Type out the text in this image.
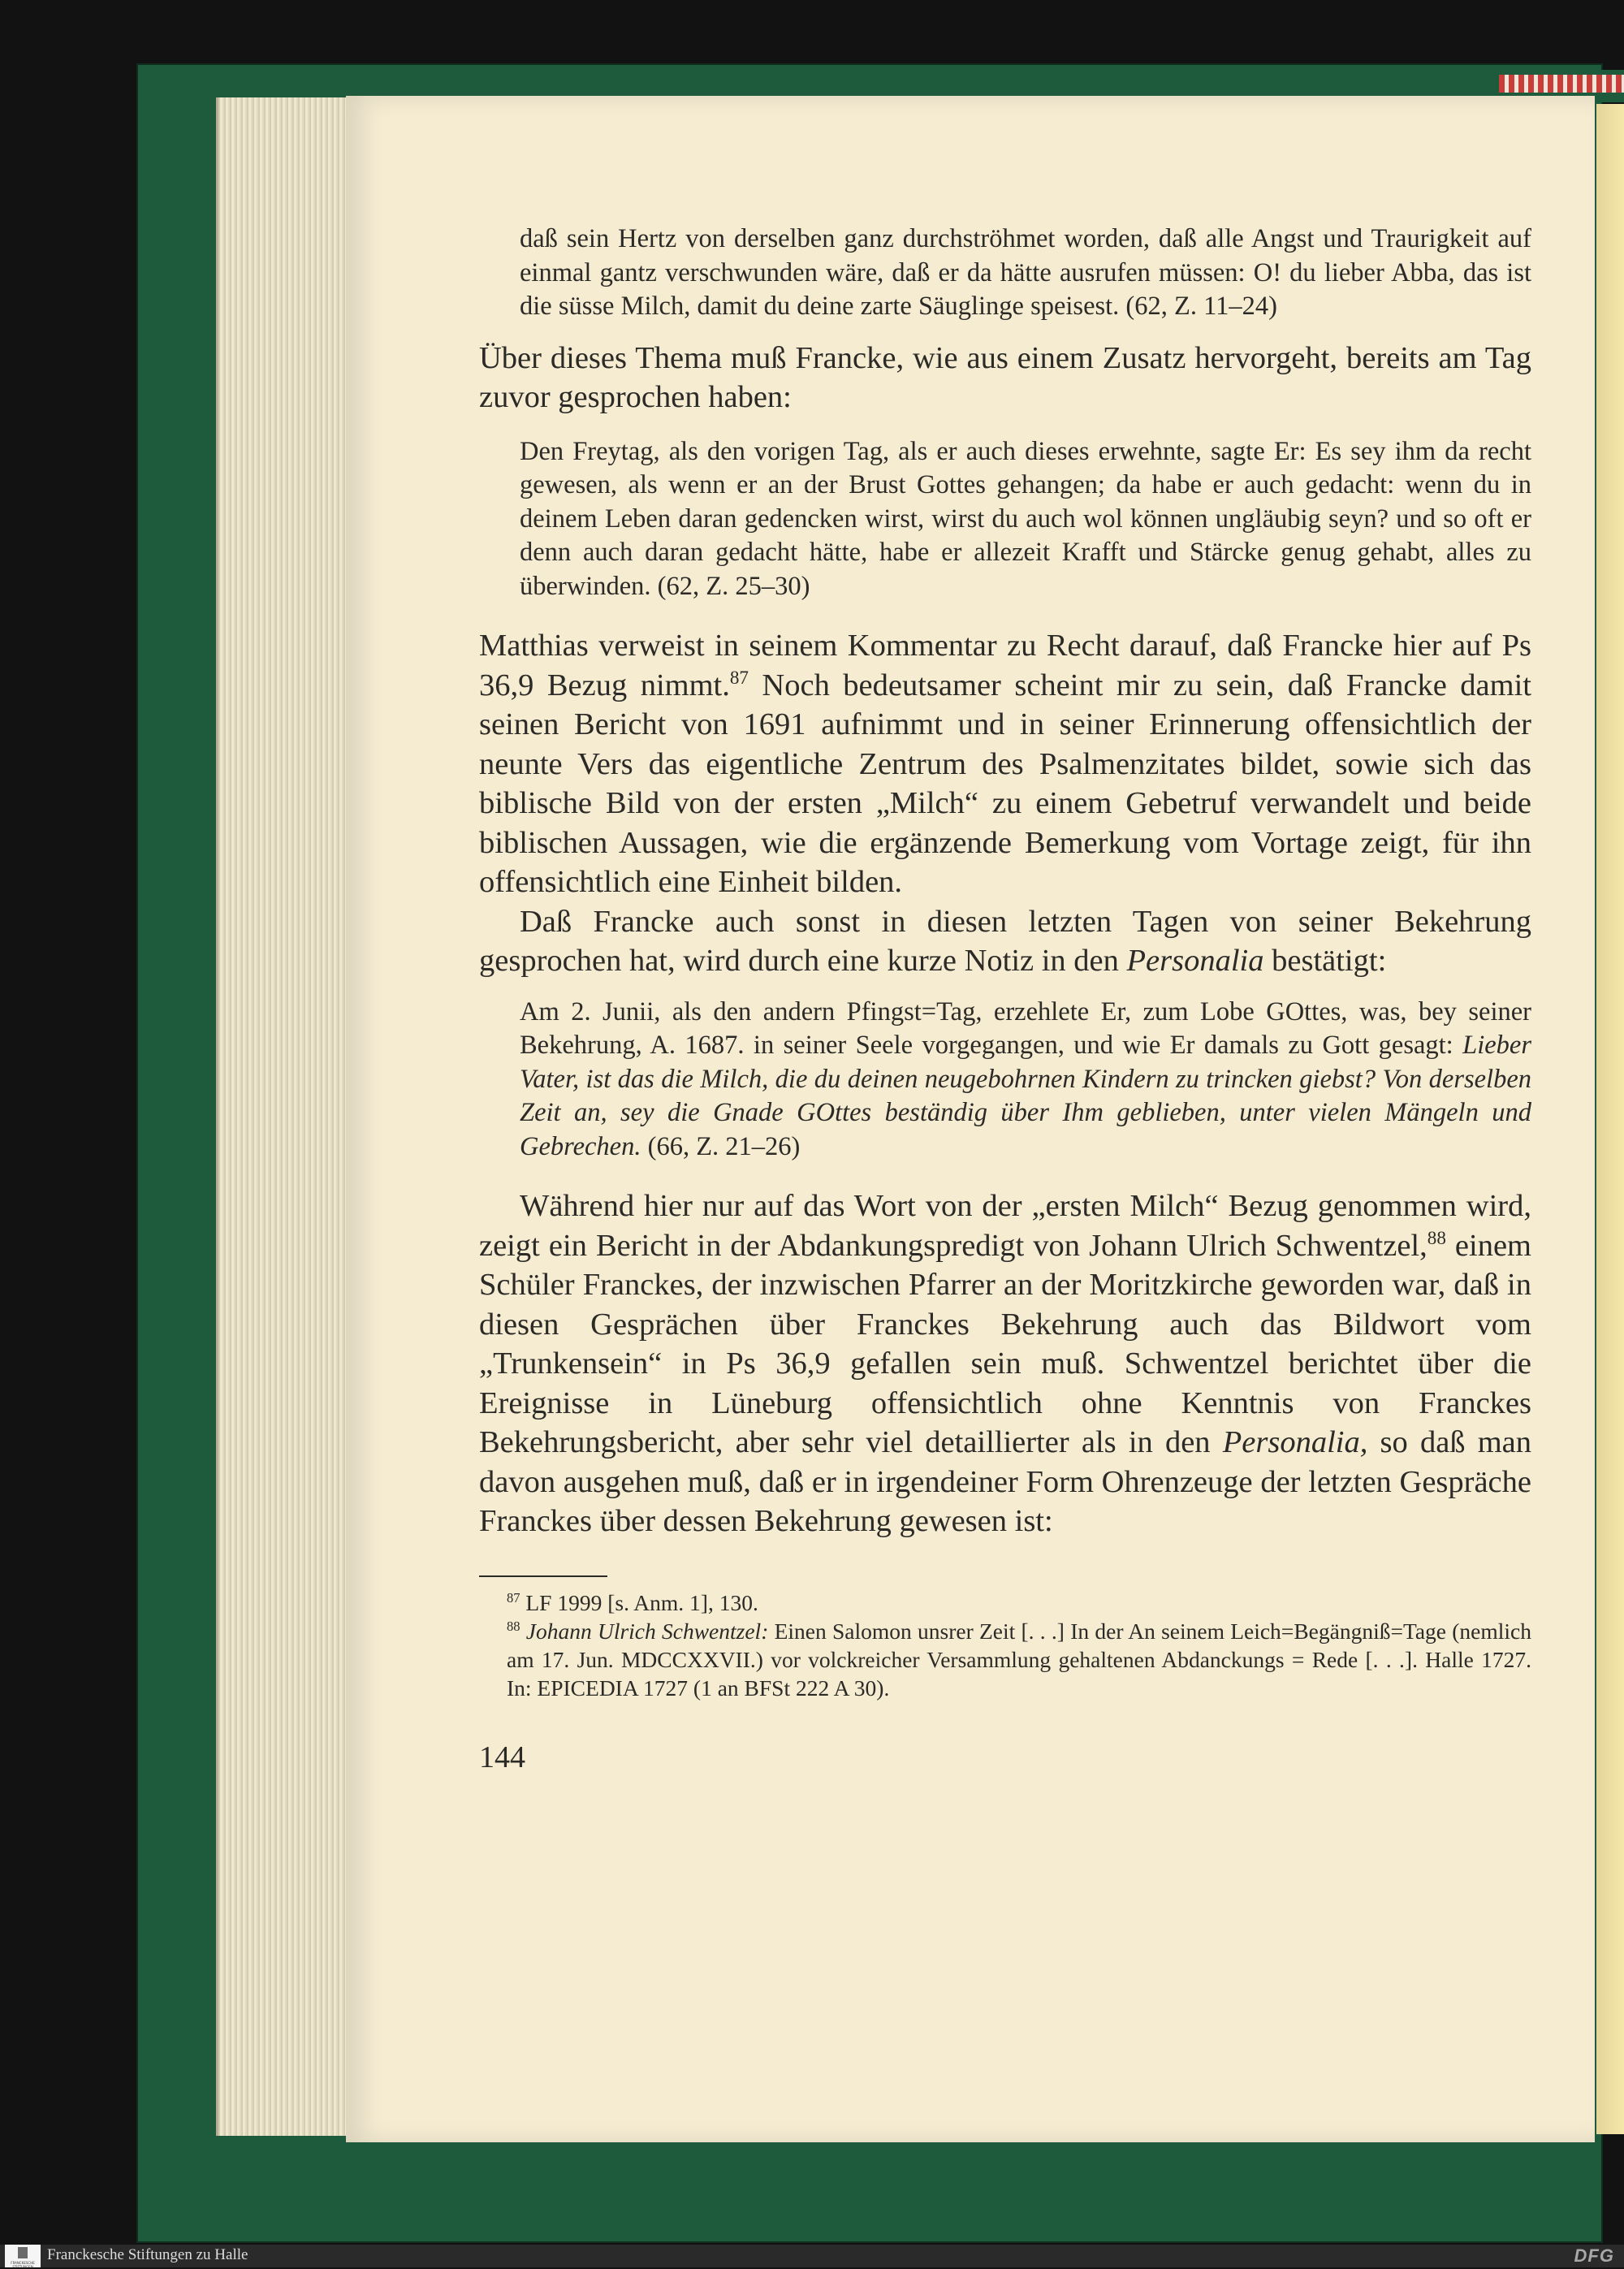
daß sein Hertz von derselben ganz durchströhmet worden, daß alle Angst und Traurigkeit auf einmal gantz verschwunden wäre, daß er da hätte ausrufen müssen: O! du lieber Abba, das ist die süsse Milch, damit du deine zarte Säuglinge speisest. (62, Z. 11–24)

Über dieses Thema muß Francke, wie aus einem Zusatz hervorgeht, bereits am Tag zuvor gesprochen haben:

Den Freytag, als den vorigen Tag, als er auch dieses erwehnte, sagte Er: Es sey ihm da recht gewesen, als wenn er an der Brust Gottes gehangen; da habe er auch gedacht: wenn du in deinem Leben daran gedencken wirst, wirst du auch wol können ungläubig seyn? und so oft er denn auch daran gedacht hätte, habe er allezeit Krafft und Stärcke genug gehabt, alles zu überwinden. (62, Z. 25–30)

Matthias verweist in seinem Kommentar zu Recht darauf, daß Francke hier auf Ps 36,9 Bezug nimmt.$^{87}$ Noch bedeutsamer scheint mir zu sein, daß Francke damit seinen Bericht von 1691 aufnimmt und in seiner Erinnerung offensichtlich der neunte Vers das eigentliche Zentrum des Psalmenzitates bildet, sowie sich das biblische Bild von der ersten „Milch“ zu einem Gebetruf verwandelt und beide biblischen Aussagen, wie die ergänzende Bemerkung vom Vortage zeigt, für ihn offensichtlich eine Einheit bilden.

Daß Francke auch sonst in diesen letzten Tagen von seiner Bekehrung gesprochen hat, wird durch eine kurze Notiz in den Personalia bestätigt:

Am 2. Junii, als den andern Pfingst=Tag, erzehlete Er, zum Lobe GOttes, was, bey seiner Bekehrung, A. 1687. in seiner Seele vorgegangen, und wie Er damals zu Gott gesagt: Lieber Vater, ist das die Milch, die du deinen neugebohrnen Kindern zu trincken giebst? Von derselben Zeit an, sey die Gnade GOttes beständig über Ihm geblieben, unter vielen Mängeln und Gebrechen. (66, Z. 21–26)

Während hier nur auf das Wort von der „ersten Milch“ Bezug genommen wird, zeigt ein Bericht in der Abdankungspredigt von Johann Ulrich Schwentzel,$^{88}$ einem Schüler Franckes, der inzwischen Pfarrer an der Moritzkirche geworden war, daß in diesen Gesprächen über Franckes Bekehrung auch das Bildwort vom „Trunkensein“ in Ps 36,9 gefallen sein muß. Schwentzel berichtet über die Ereignisse in Lüneburg offensichtlich ohne Kenntnis von Franckes Bekehrungsbericht, aber sehr viel detaillierter als in den Personalia, so daß man davon ausgehen muß, daß er in irgendeiner Form Ohrenzeuge der letzten Gespräche Franckes über dessen Bekehrung gewesen ist:

$^{87}$ LF 1999 [s. Anm. 1], 130.

$^{88}$ Johann Ulrich Schwentzel: Einen Salomon unsrer Zeit [. . .] In der An seinem Leich=Begängniß=Tage (nemlich am 17. Jun. MDCCXXVII.) vor volckreicher Versammlung gehaltenen Abdanckungs = Rede [. . .]. Halle 1727. In: EPICEDIA 1727 (1 an BFSt 222 A 30).

144
FRANCKESCHE STIFTUNGEN
Franckesche Stiftungen zu Halle	DFG
